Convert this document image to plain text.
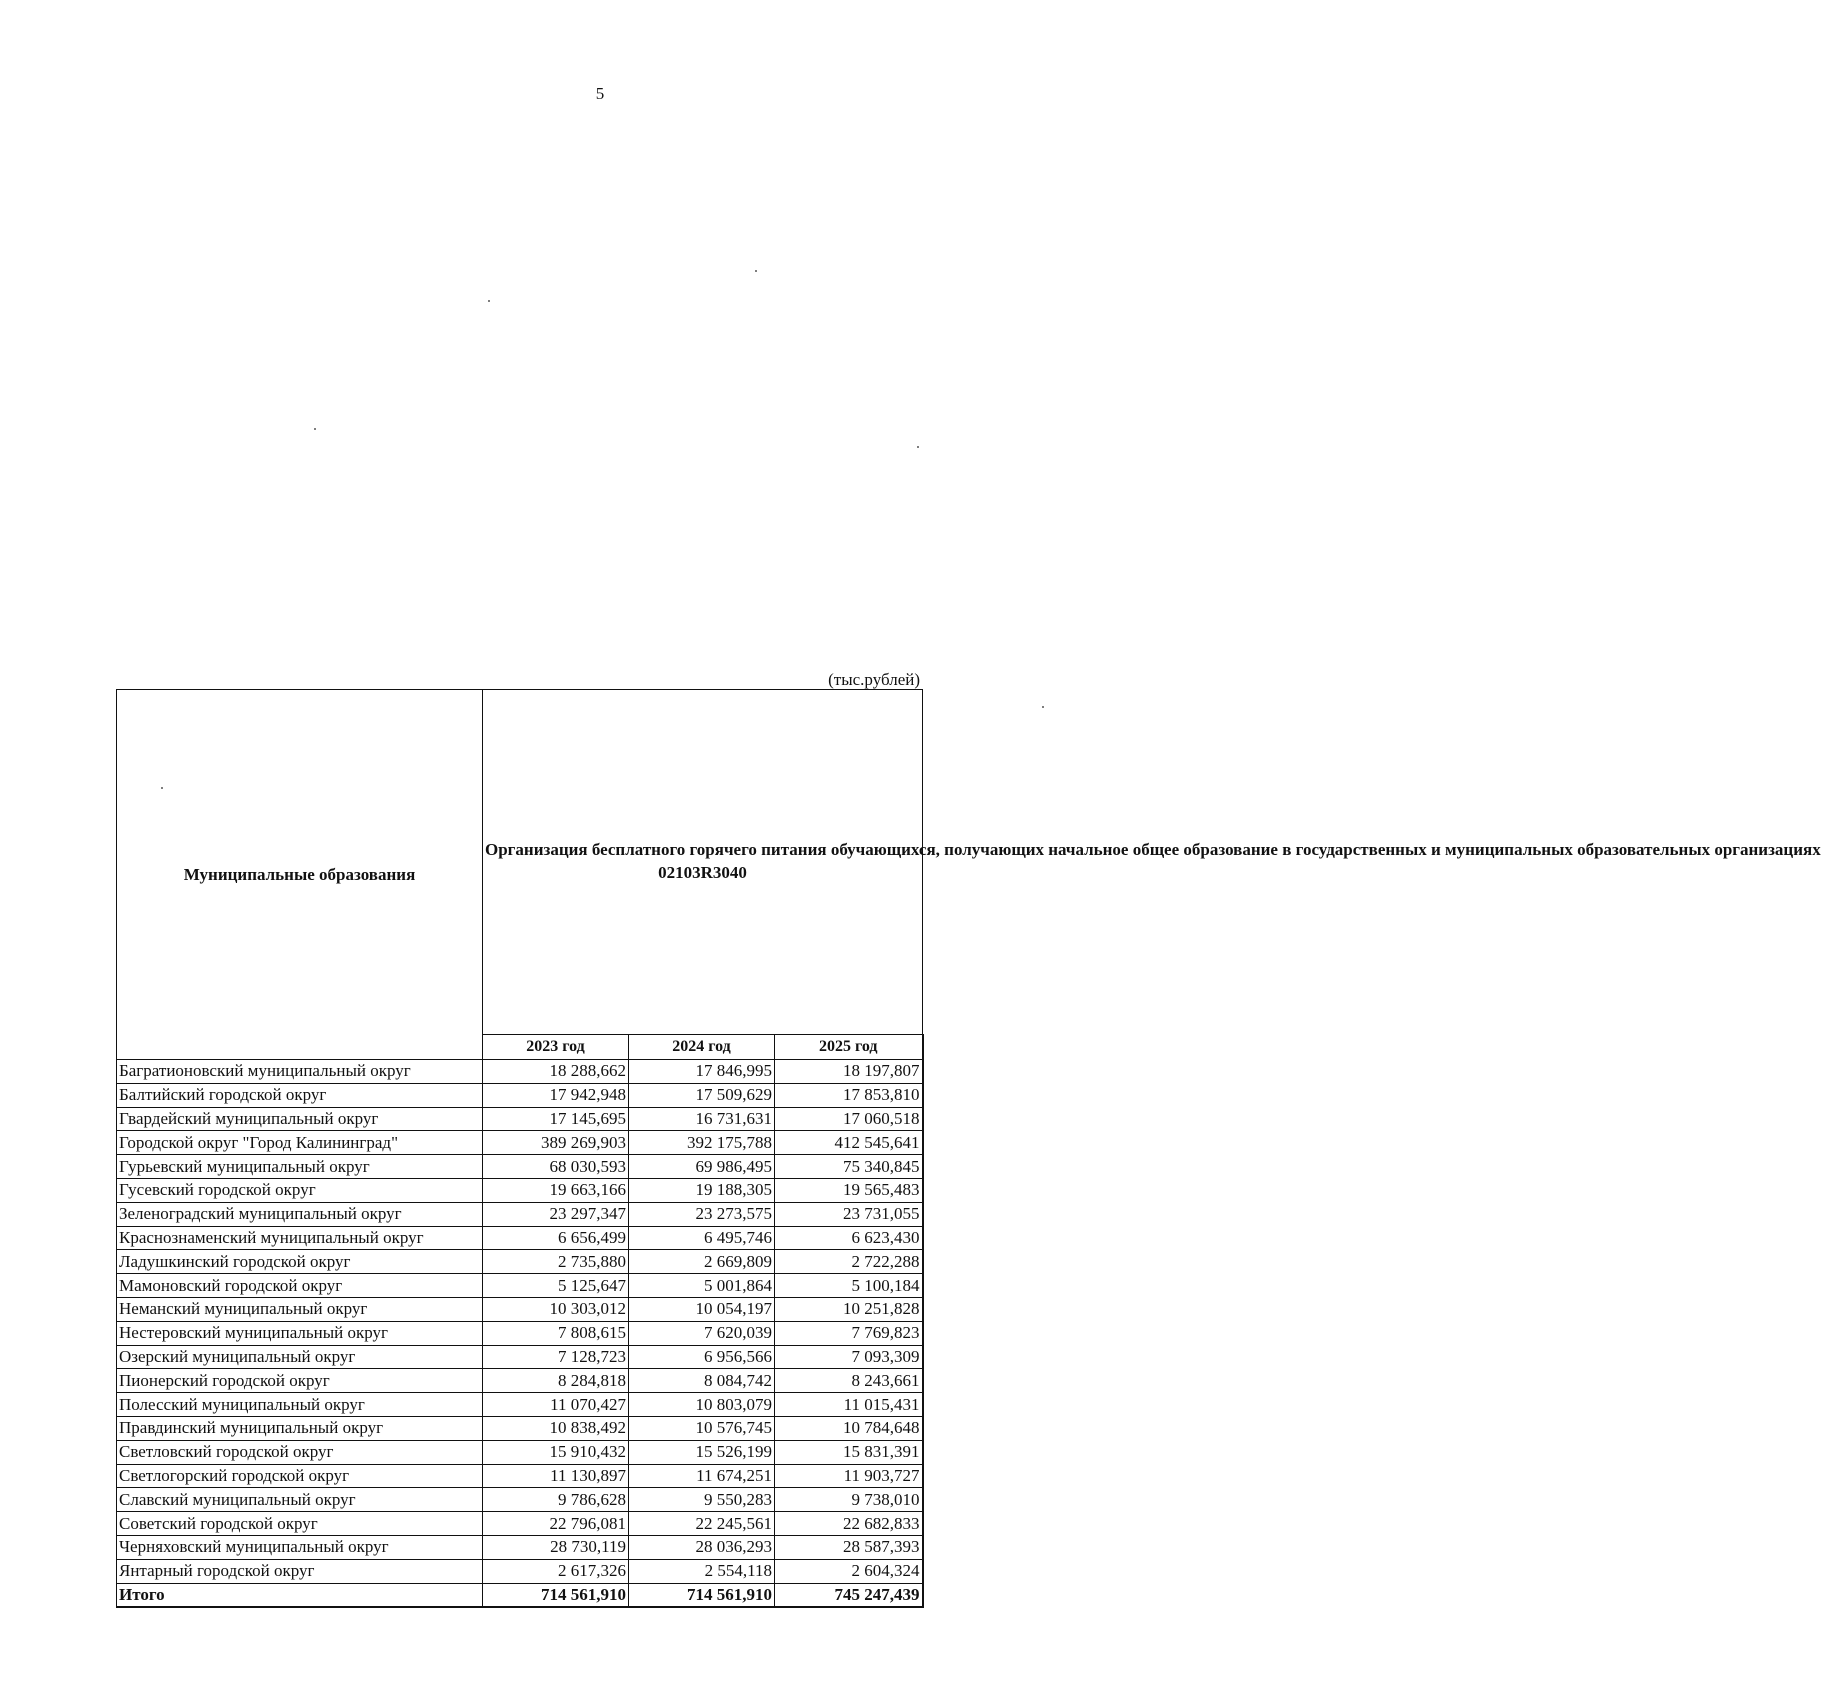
5
(тыс.рублей)
Муниципальные образования	Организация бесплатного горячего питания обучающихся, получающих начальное общее образование в государственных и муниципальных образовательных организациях
02103R3040		

	2023 год	2024 год	2025 год
Багратионовский муниципальный округ	18 288,662	17 846,995	18 197,807
Балтийский городской округ	17 942,948	17 509,629	17 853,810
Гвардейский муниципальный округ	17 145,695	16 731,631	17 060,518
Городской округ "Город Калининград"	389 269,903	392 175,788	412 545,641
Гурьевский муниципальный округ	68 030,593	69 986,495	75 340,845
Гусевский городской округ	19 663,166	19 188,305	19 565,483
Зеленоградский муниципальный округ	23 297,347	23 273,575	23 731,055
Краснознаменский муниципальный округ	6 656,499	6 495,746	6 623,430
Ладушкинский городской округ	2 735,880	2 669,809	2 722,288
Мамоновский городской округ	5 125,647	5 001,864	5 100,184
Неманский муниципальный округ	10 303,012	10 054,197	10 251,828
Нестеровский муниципальный округ	7 808,615	7 620,039	7 769,823
Озерский муниципальный округ	7 128,723	6 956,566	7 093,309
Пионерский городской округ	8 284,818	8 084,742	8 243,661
Полесский муниципальный округ	11 070,427	10 803,079	11 015,431
Правдинский муниципальный округ	10 838,492	10 576,745	10 784,648
Светловский городской округ	15 910,432	15 526,199	15 831,391
Светлогорский городской округ	11 130,897	11 674,251	11 903,727
Славский муниципальный округ	9 786,628	9 550,283	9 738,010
Советский городской округ	22 796,081	22 245,561	22 682,833
Черняховский муниципальный округ	28 730,119	28 036,293	28 587,393
Янтарный городской округ	2 617,326	2 554,118	2 604,324
Итого	714 561,910	714 561,910	745 247,439
